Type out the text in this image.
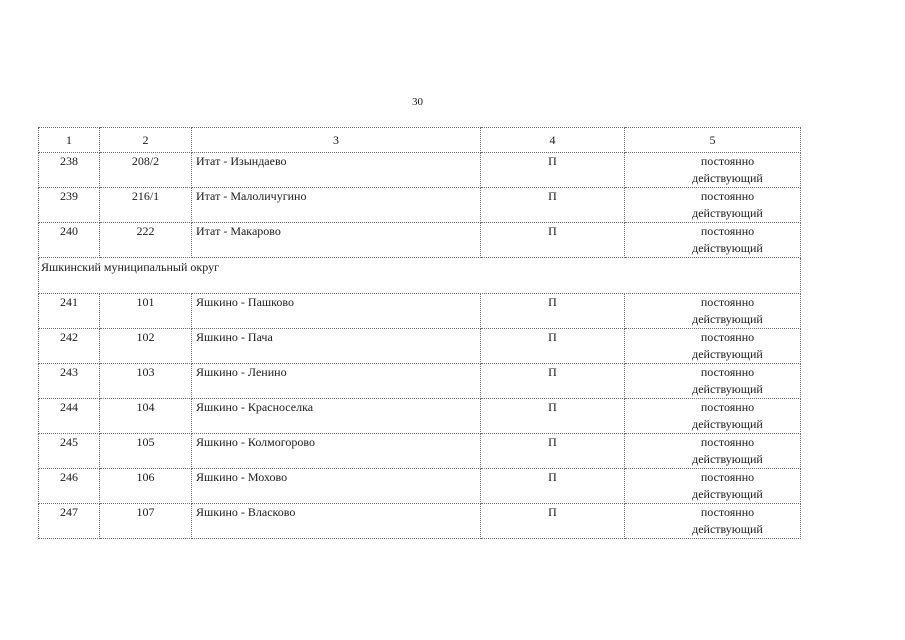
30
1	2	3	4	5
238	208/2	Итат - Изындаево	П	постоянно
действующий

239	216/1	Итат - Малоличугино	П	постоянно
действующий

240	222	Итат - Макарово	П	постоянно
действующий

Яшкинский муниципальный округ				
241	101	Яшкино - Пашково	П	постоянно
действующий

242	102	Яшкино - Пача	П	постоянно
действующий

243	103	Яшкино - Ленино	П	постоянно
действующий

244	104	Яшкино - Красноселка	П	постоянно
действующий

245	105	Яшкино - Колмогорово	П	постоянно
действующий

246	106	Яшкино - Мохово	П	постоянно
действующий

247	107	Яшкино - Власково	П	постоянно
действующий
